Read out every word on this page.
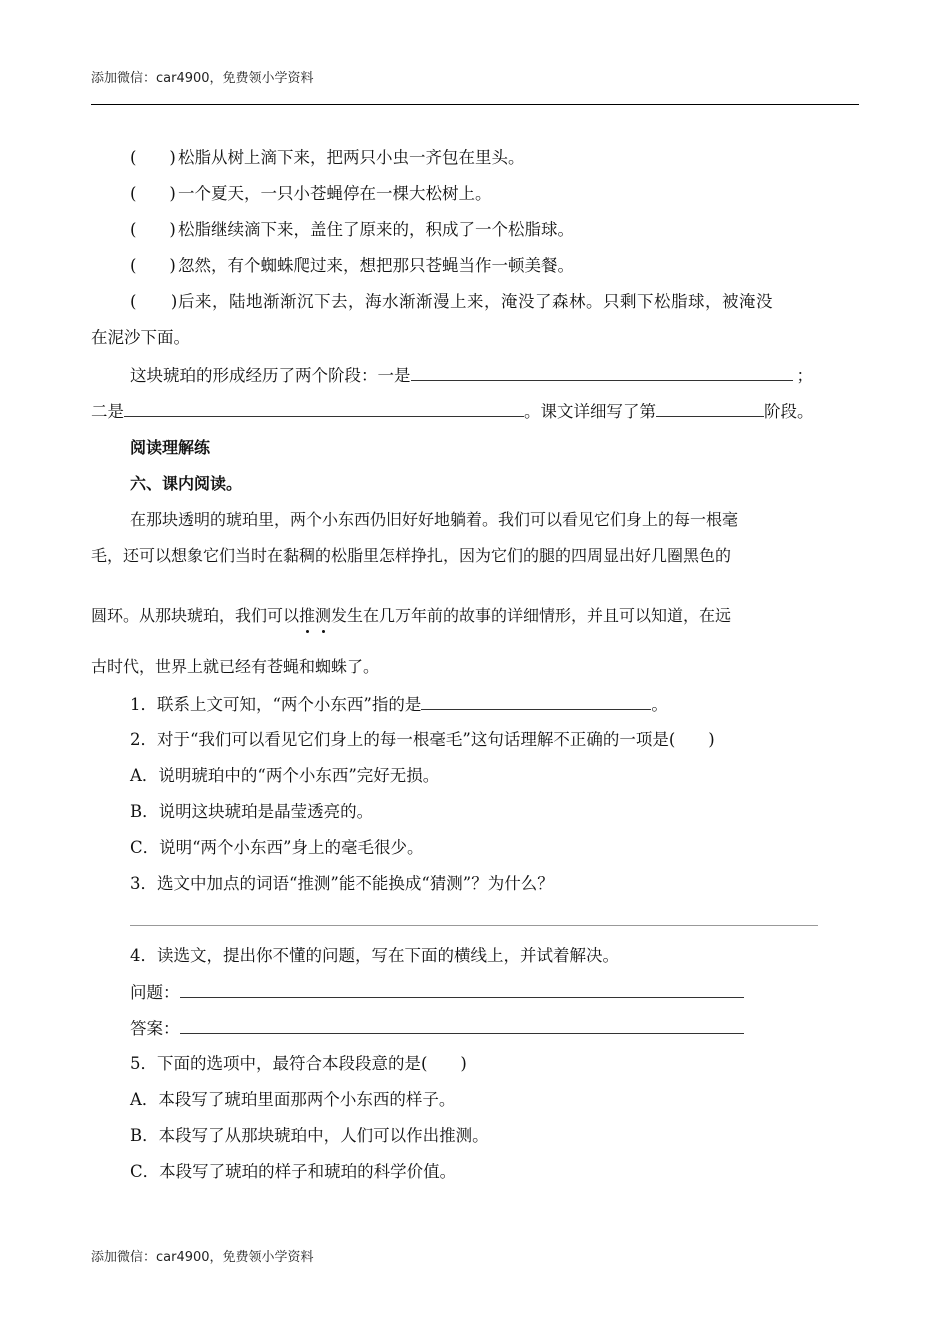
添加微信：car4900，免费领小学资料
(　　) 松脂从树上滴下来，把两只小虫一齐包在里头。
(　　) 一个夏天，一只小苍蝇停在一棵大松树上。
(　　) 松脂继续滴下来，盖住了原来的，积成了一个松脂球。
(　　) 忽然，有个蜘蛛爬过来，想把那只苍蝇当作一顿美餐。
(　　)后来，陆地渐渐沉下去，海水渐渐漫上来，淹没了森林。只剩下松脂球，被淹没
在泥沙下面。
这块琥珀的形成经历了两个阶段：一是	；
二是	。课文详细写了第	阶段。
阅读理解练
六、课内阅读。
在那块透明的琥珀里，两个小东西仍旧好好地躺着。我们可以看见它们身上的每一根毫
毛，还可以想象它们当时在黏稠的松脂里怎样挣扎，因为它们的腿的四周显出好几圈黑色的
圆环。从那块琥珀，我们可以推测发生在几万年前的故事的详细情形，并且可以知道，在远
古时代，世界上就已经有苍蝇和蜘蛛了。
1．联系上文可知，“两个小东西”指的是	。
2．对于“我们可以看见它们身上的每一根毫毛”这句话理解不正确的一项是(　　)
A．说明琥珀中的“两个小东西”完好无损。
B．说明这块琥珀是晶莹透亮的。
C．说明“两个小东西”身上的毫毛很少。
3．选文中加点的词语“推测”能不能换成“猜测”？为什么？
4．读选文，提出你不懂的问题，写在下面的横线上，并试着解决。
问题：
答案：
5．下面的选项中，最符合本段段意的是(　　)
A．本段写了琥珀里面那两个小东西的样子。
B．本段写了从那块琥珀中，人们可以作出推测。
C．本段写了琥珀的样子和琥珀的科学价值。
添加微信：car4900，免费领小学资料
